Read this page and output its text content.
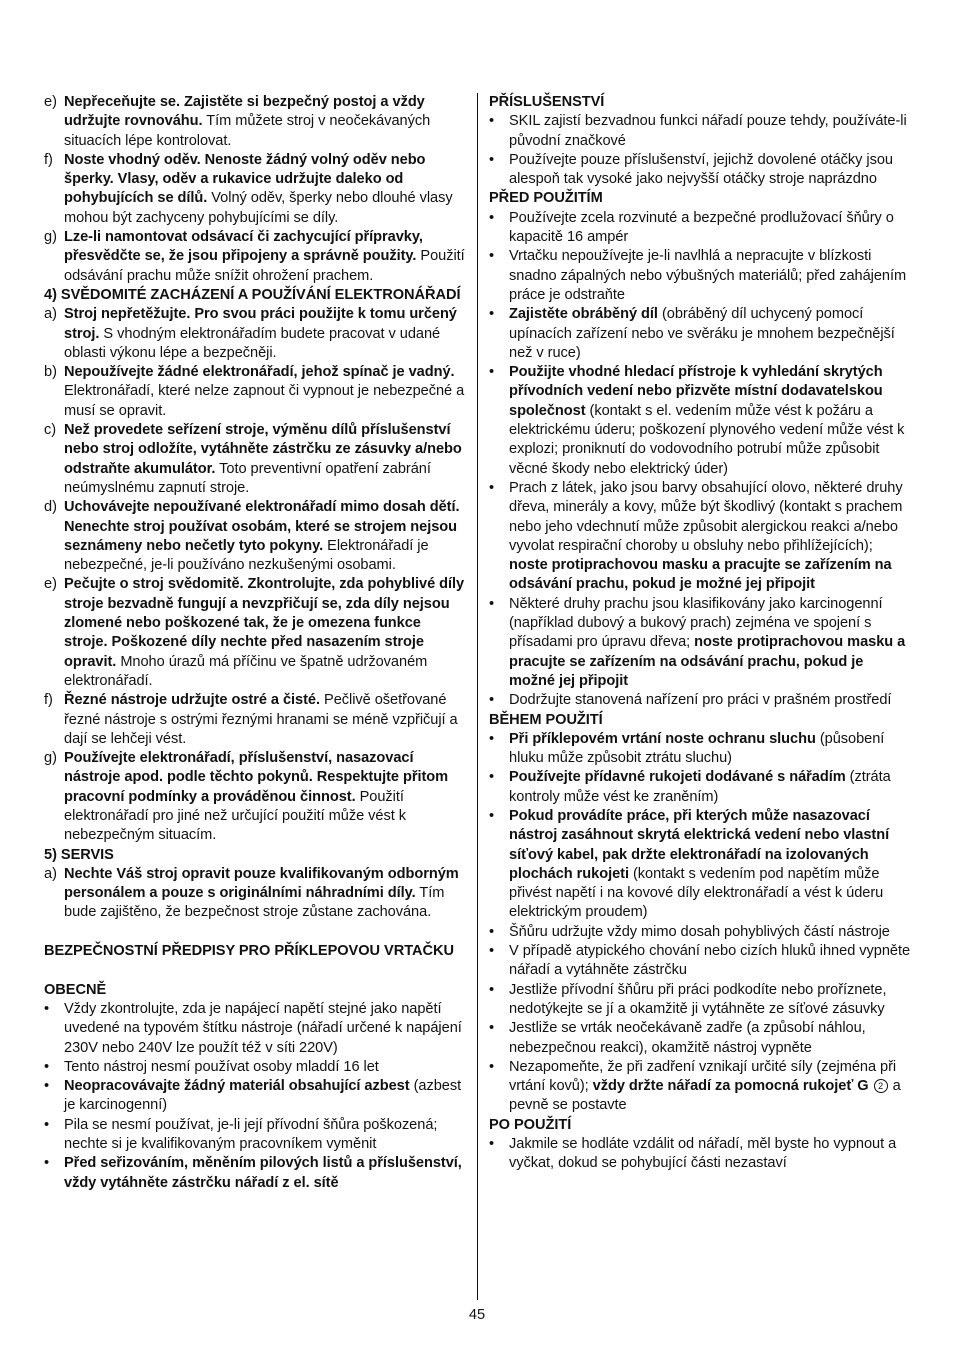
e) Nepřeceňujte se. Zajistěte si bezpečný postoj a vždy udržujte rovnováhu. Tím můžete stroj v neočekávaných situacích lépe kontrolovat.
f) Noste vhodný oděv. Nenoste žádný volný oděv nebo šperky. Vlasy, oděv a rukavice udržujte daleko od pohybujících se dílů. Volný oděv, šperky nebo dlouhé vlasy mohou být zachyceny pohybujícími se díly.
g) Lze-li namontovat odsávací či zachycující přípravky, přesvědčte se, že jsou připojeny a správně použity. Použití odsávání prachu může snížit ohrožení prachem.
4) SVĚDOMITÉ ZACHÁZENÍ A POUŽÍVÁNÍ ELEKTRONÁŘADÍ
a) Stroj nepřetěžujte. Pro svou práci použijte k tomu určený stroj. S vhodným elektronářadím budete pracovat v udané oblasti výkonu lépe a bezpečněji.
b) Nepoužívejte žádné elektronářadí, jehož spínač je vadný. Elektronářadí, které nelze zapnout či vypnout je nebezpečné a musí se opravit.
c) Než provedete seřízení stroje, výměnu dílů příslušenství nebo stroj odložíte, vytáhněte zástrčku ze zásuvky a/nebo odstraňte akumulátor. Toto preventivní opatření zabrání neúmyslnému zapnutí stroje.
d) Uchovávejte nepoužívané elektronářadí mimo dosah dětí. Nenechte stroj používat osobám, které se strojem nejsou seznámeny nebo nečetly tyto pokyny. Elektronářadí je nebezpečné, je-li používáno nezkušenými osobami.
e) Pečujte o stroj svědomitě. Zkontrolujte, zda pohyblivé díly stroje bezvadně fungují a nevzpřičují se, zda díly nejsou zlomené nebo poškozené tak, že je omezena funkce stroje. Poškozené díly nechte před nasazením stroje opravit. Mnoho úrazů má příčinu ve špatně udržovaném elektronářadí.
f) Řezné nástroje udržujte ostré a čisté. Pečlivě ošetřované řezné nástroje s ostrými řeznými hranami se méně vzpřičují a dají se lehčeji vést.
g) Používejte elektronářadí, příslušenství, nasazovací nástroje apod. podle těchto pokynů. Respektujte přitom pracovní podmínky a prováděnou činnost. Použití elektronářadí pro jiné než určující použití může vést k nebezpečným situacím.
5) SERVIS
a) Nechte Váš stroj opravit pouze kvalifikovaným odborným personálem a pouze s originálními náhradními díly. Tím bude zajištěno, že bezpečnost stroje zůstane zachována.
BEZPEČNOSTNÍ PŘEDPISY PRO PŘÍKLEPOVOU VRTAČKU
OBECNĚ
•	Vždy zkontrolujte, zda je napájecí napětí stejné jako napětí uvedené na typovém štítku nástroje (nářadí určené k napájení 230V nebo 240V lze použít též v síti 220V)
•	Tento nástroj nesmí používat osoby mladdí 16 let
•	Neopracovávajte žádný materiál obsahující azbest (azbest je karcinogenní)
•	Pila se nesmí používat, je-li její přívodní šňůra poškozená; nechte si je kvalifikovaným pracovníkem vyměnit
•	Před seřizováním, měněním pilových listů a příslušenství, vždy vytáhněte zástrčku nářadí z el. sítě
PŘÍSLUŠENSTVÍ
•	SKIL zajistí bezvadnou funkci nářadí pouze tehdy, používáte-li původní značkové
•	Používejte pouze příslušenství, jejichž dovolené otáčky jsou alespoň tak vysoké jako nejvyšší otáčky stroje naprázdno
PŘED POUŽITÍM
•	Používejte zcela rozvinuté a bezpečné prodlužovací šňůry o kapacitě 16 ampér
•	Vrtačku nepoužívejte je-li navlhlá a nepracujte v blízkosti snadno zápalných nebo výbušných materiálů; před zahájením práce je odstraňte
•	Zajistěte obráběný díl (obráběný díl uchycený pomocí upínacích zařízení nebo ve svěráku je mnohem bezpečnější než v ruce)
•	Použijte vhodné hledací přístroje k vyhledání skrytých přívodních vedení nebo přizvěte místní dodavatelskou společnost (kontakt s el. vedením může vést k požáru a elektrickému úderu; poškození plynového vedení může vést k explozi; proniknutí do vodovodního potrubí může způsobit věcné škody nebo elektrický úder)
•	Prach z látek, jako jsou barvy obsahující olovo, některé druhy dřeva, minerály a kovy, může být škodlivý (kontakt s prachem nebo jeho vdechnutí může způsobit alergickou reakci a/nebo vyvolat respirační choroby u obsluhy nebo přihlížejících); noste protiprachovou masku a pracujte se zařízením na odsávání prachu, pokud je možné jej připojit
•	Některé druhy prachu jsou klasifikovány jako karcinogenní (například dubový a bukový prach) zejména ve spojení s přísadami pro úpravu dřeva; noste protiprachovou masku a pracujte se zařízením na odsávání prachu, pokud je možné jej připojit
•	Dodržujte stanovená nařízení pro práci v prašném prostředí
BĚHEM POUŽITÍ
•	Při příklepovém vrtání noste ochranu sluchu (působení hluku může způsobit ztrátu sluchu)
•	Používejte přídavné rukojeti dodávané s nářadím (ztráta kontroly může vést ke zraněním)
•	Pokud provádíte práce, při kterých může nasazovací nástroj zasáhnout skrytá elektrická vedení nebo vlastní síťový kabel, pak držte elektronářadí na izolovaných plochách rukojeti (kontakt s vedením pod napětím může přivést napětí i na kovové díly elektronářadí a vést k úderu elektrickým proudem)
•	Šňůru udržujte vždy mimo dosah pohyblivých částí nástroje
•	V případě atypického chování nebo cizích hluků ihned vypněte nářadí a vytáhněte zástrčku
•	Jestliže přívodní šňůru při práci podkodíte nebo proříznete, nedotýkejte se jí a okamžitě ji vytáhněte ze síťové zásuvky
•	Jestliže se vrták neočekávaně zadře (a způsobí náhlou, nebezpečnou reakci), okamžitě nástroj vypněte
•	Nezapomeňte, že při zadření vznikají určité síly (zejména při vrtání kovů); vždy držte nářadí za pomocná rukojeť G 2 a pevně se postavte
PO POUŽITÍ
•	Jakmile se hodláte vzdálit od nářadí, měl byste ho vypnout a vyčkat, dokud se pohybující části nezastaví
45
